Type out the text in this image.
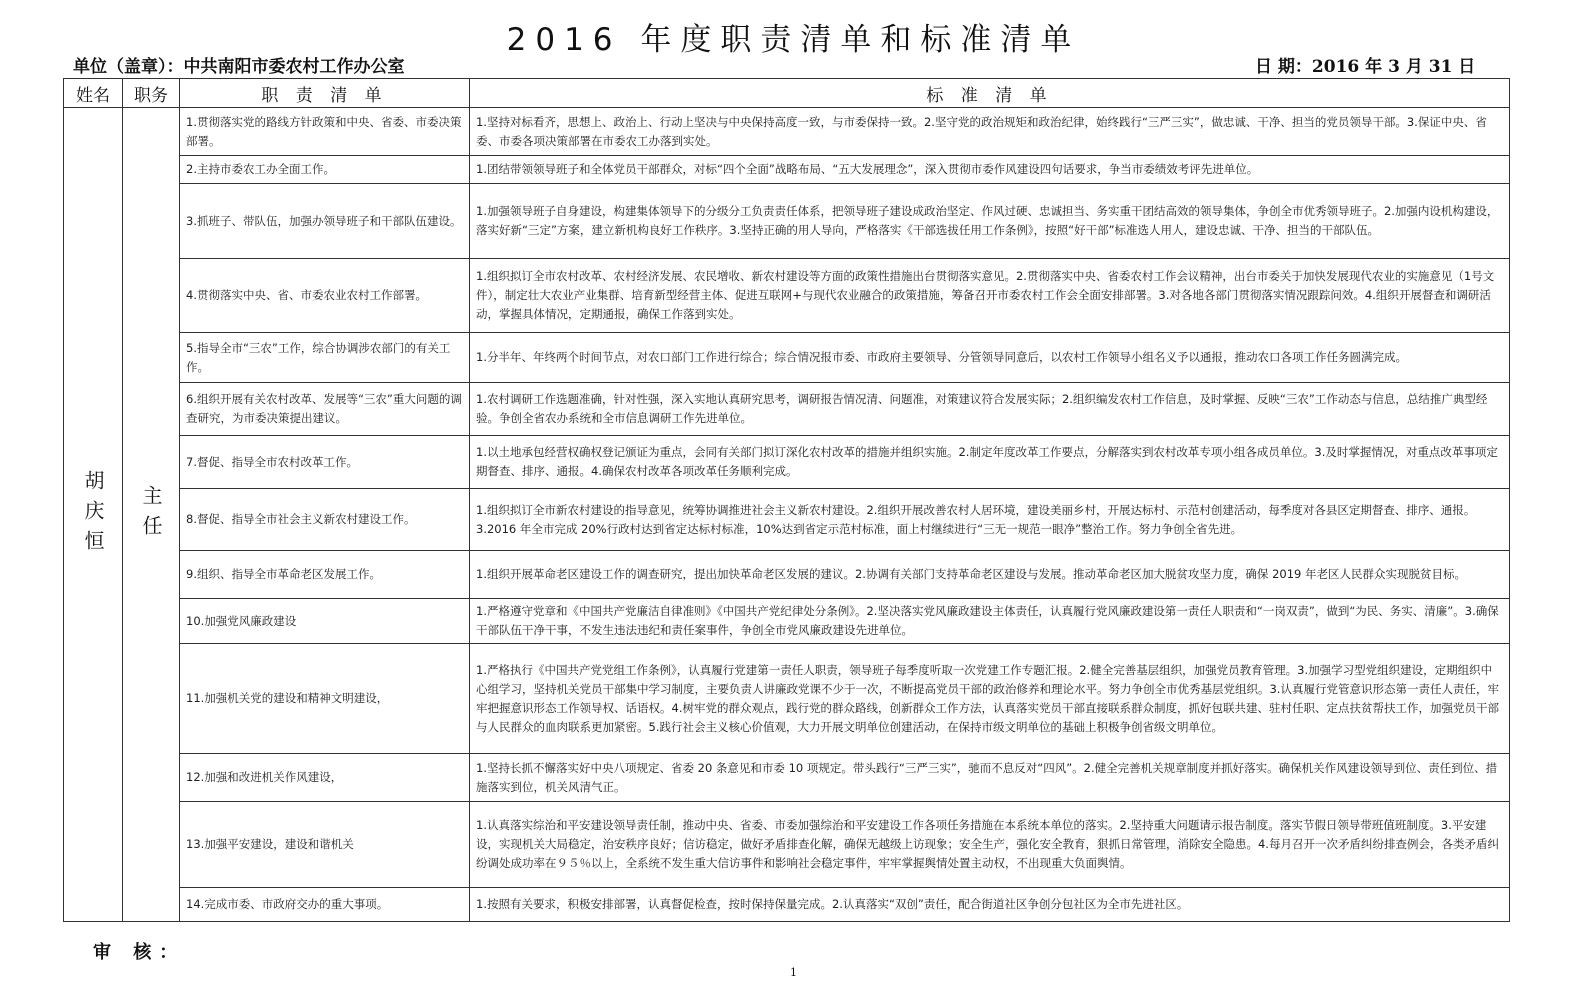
2016 年度职责清单和标准清单
单位（盖章）：中共南阳市委农村工作办公室	日 期：2016 年 3 月 31 日
姓名	职务	职 责 清 单	标 准 清 单
胡庆恒	主任	1.贯彻落实党的路线方针政策和中央、省委、市委决策部署。	1.坚持对标看齐，思想上、政治上、行动上坚决与中央保持高度一致，与市委保持一致。2.坚守党的政治规矩和政治纪律，始终践行“三严三实”，做忠诚、干净、担当的党员领导干部。3.保证中央、省委、市委各项决策部署在市委农工办落到实处。
		2.主持市委农工办全面工作。	1.团结带领领导班子和全体党员干部群众，对标“四个全面”战略布局、“五大发展理念”，深入贯彻市委作风建设四句话要求，争当市委绩效考评先进单位。
		3.抓班子、带队伍，加强办领导班子和干部队伍建设。	1.加强领导班子自身建设，构建集体领导下的分级分工负责责任体系，把领导班子建设成政治坚定、作风过硬、忠诚担当、务实重干团结高效的领导集体，争创全市优秀领导班子。2.加强内设机构建设，落实好新“三定”方案，建立新机构良好工作秩序。3.坚持正确的用人导向，严格落实《干部选拔任用工作条例》，按照“好干部”标准选人用人，建设忠诚、干净、担当的干部队伍。
		4.贯彻落实中央、省、市委农业农村工作部署。	1.组织拟订全市农村改革、农村经济发展、农民增收、新农村建设等方面的政策性措施出台贯彻落实意见。2.贯彻落实中央、省委农村工作会议精神，出台市委关于加快发展现代农业的实施意见（1号文件），制定壮大农业产业集群、培育新型经营主体、促进互联网+与现代农业融合的政策措施，筹备召开市委农村工作会全面安排部署。3.对各地各部门贯彻落实情况跟踪问效。4.组织开展督查和调研活动，掌握具体情况，定期通报，确保工作落到实处。
		5.指导全市“三农”工作，综合协调涉农部门的有关工作。	1.分半年、年终两个时间节点，对农口部门工作进行综合；综合情况报市委、市政府主要领导、分管领导同意后，以农村工作领导小组名义予以通报，推动农口各项工作任务圆满完成。
		6.组织开展有关农村改革、发展等“三农”重大问题的调查研究，为市委决策提出建议。	1.农村调研工作选题准确，针对性强，深入实地认真研究思考，调研报告情况清、问题准，对策建议符合发展实际；2.组织编发农村工作信息，及时掌握、反映“三农”工作动态与信息，总结推广典型经验。争创全省农办系统和全市信息调研工作先进单位。
		7.督促、指导全市农村改革工作。	1.以土地承包经营权确权登记颁证为重点，会同有关部门拟订深化农村改革的措施并组织实施。2.制定年度改革工作要点，分解落实到农村改革专项小组各成员单位。3.及时掌握情况，对重点改革事项定期督查、排序、通报。4.确保农村改革各项改革任务顺利完成。
		8.督促、指导全市社会主义新农村建设工作。	1.组织拟订全市新农村建设的指导意见，统筹协调推进社会主义新农村建设。2.组织开展改善农村人居环境，建设美丽乡村，开展达标村、示范村创建活动，每季度对各县区定期督查、排序、通报。3.2016 年全市完成 20%行政村达到省定达标村标准，10%达到省定示范村标准，面上村继续进行“三无一规范一眼净”整治工作。努力争创全省先进。
		9.组织、指导全市革命老区发展工作。	1.组织开展革命老区建设工作的调查研究，提出加快革命老区发展的建议。2.协调有关部门支持革命老区建设与发展。推动革命老区加大脱贫攻坚力度，确保 2019 年老区人民群众实现脱贫目标。
		10.加强党风廉政建设	1.严格遵守党章和《中国共产党廉洁自律准则》《中国共产党纪律处分条例》。2.坚决落实党风廉政建设主体责任，认真履行党风廉政建设第一责任人职责和“一岗双责”，做到“为民、务实、清廉”。3.确保干部队伍干净干事，不发生违法违纪和责任案事件，争创全市党风廉政建设先进单位。
		11.加强机关党的建设和精神文明建设，	1.严格执行《中国共产党党组工作条例》，认真履行党建第一责任人职责，领导班子每季度听取一次党建工作专题汇报。2.健全完善基层组织，加强党员教育管理。3.加强学习型党组织建设，定期组织中心组学习，坚持机关党员干部集中学习制度，主要负责人讲廉政党课不少于一次，不断提高党员干部的政治修养和理论水平。努力争创全市优秀基层党组织。3.认真履行党管意识形态第一责任人责任，牢牢把握意识形态工作领导权、话语权。4.树牢党的群众观点，践行党的群众路线，创新群众工作方法，认真落实党员干部直接联系群众制度，抓好包联共建、驻村任职、定点扶贫帮扶工作，加强党员干部与人民群众的血肉联系更加紧密。5.践行社会主义核心价值观，大力开展文明单位创建活动，在保持市级文明单位的基础上积极争创省级文明单位。
		12.加强和改进机关作风建设，	1.坚持长抓不懈落实好中央八项规定、省委 20 条意见和市委 10 项规定。带头践行“三严三实”，驰而不息反对“四风”。2.健全完善机关规章制度并抓好落实。确保机关作风建设领导到位、责任到位、措施落实到位，机关风清气正。
		13.加强平安建设，建设和谐机关	1.认真落实综治和平安建设领导责任制，推动中央、省委、市委加强综治和平安建设工作各项任务措施在本系统本单位的落实。2.坚持重大问题请示报告制度。落实节假日领导带班值班制度。3.平安建设，实现机关大局稳定，治安秩序良好；信访稳定，做好矛盾排查化解，确保无越级上访现象；安全生产，强化安全教育，狠抓日常管理，消除安全隐患。4.每月召开一次矛盾纠纷排查例会，各类矛盾纠纷调处成功率在９５％以上，全系统不发生重大信访事件和影响社会稳定事件，牢牢掌握舆情处置主动权，不出现重大负面舆情。
		14.完成市委、市政府交办的重大事项。	1.按照有关要求，积极安排部署，认真督促检查，按时保持保量完成。2.认真落实“双创”责任，配合街道社区争创分包社区为全市先进社区。
审 核：
1
